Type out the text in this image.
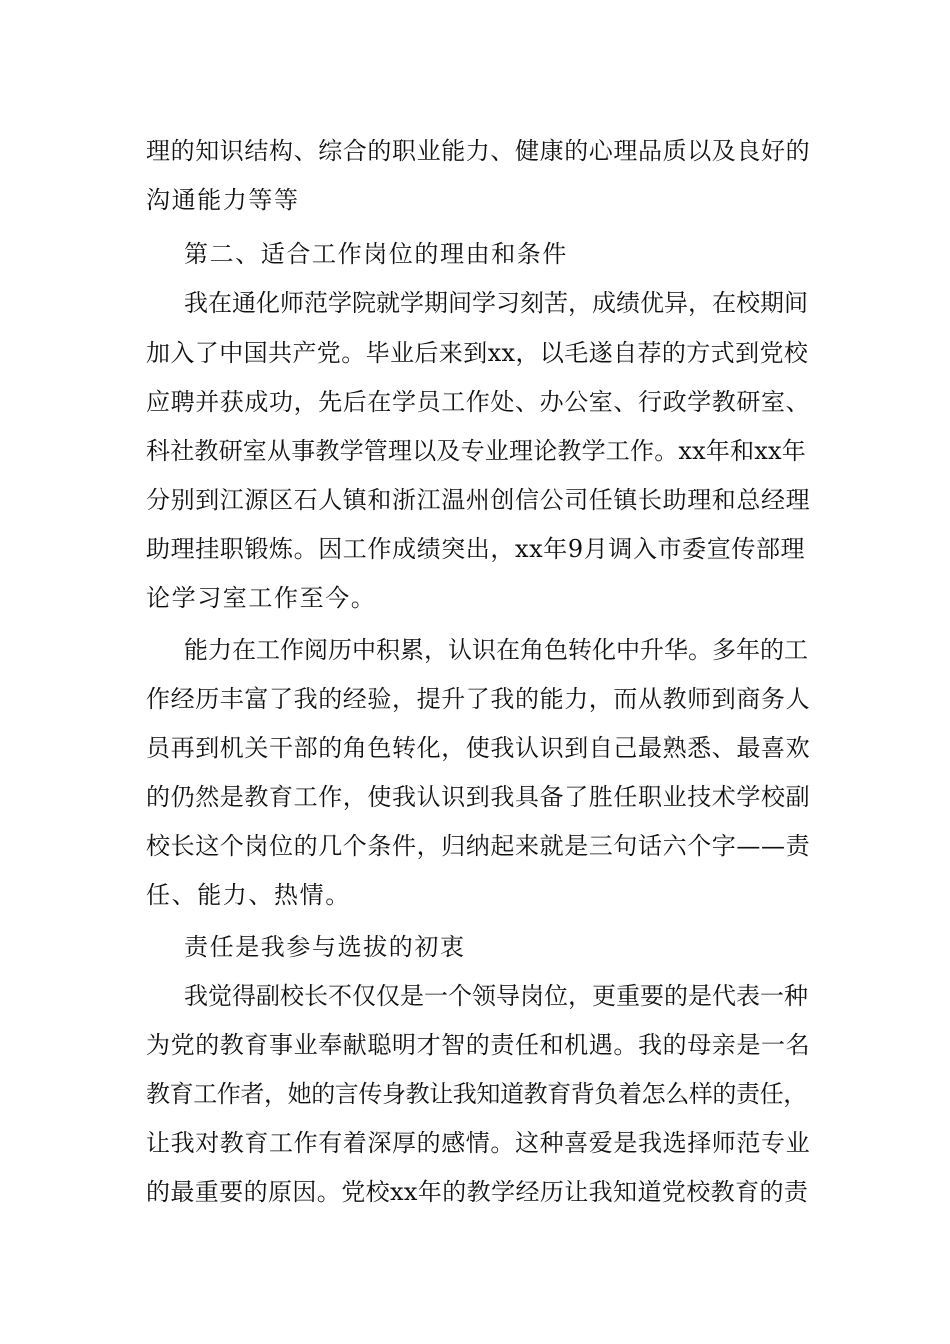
理的知识结构、综合的职业能力、健康的心理品质以及良好的
沟通能力等等
第二、适合工作岗位的理由和条件
我在通化师范学院就学期间学习刻苦，成绩优异，在校期间
加入了中国共产党。毕业后来到xx，以毛遂自荐的方式到党校
应聘并获成功，先后在学员工作处、办公室、行政学教研室、
科社教研室从事教学管理以及专业理论教学工作。xx年和xx年
分别到江源区石人镇和浙江温州创信公司任镇长助理和总经理
助理挂职锻炼。因工作成绩突出，xx年9月调入市委宣传部理
论学习室工作至今。
能力在工作阅历中积累，认识在角色转化中升华。多年的工
作经历丰富了我的经验，提升了我的能力，而从教师到商务人
员再到机关干部的角色转化，使我认识到自己最熟悉、最喜欢
的仍然是教育工作，使我认识到我具备了胜任职业技术学校副
校长这个岗位的几个条件，归纳起来就是三句话六个字——责
任、能力、热情。
责任是我参与选拔的初衷
我觉得副校长不仅仅是一个领导岗位，更重要的是代表一种
为党的教育事业奉献聪明才智的责任和机遇。我的母亲是一名
教育工作者，她的言传身教让我知道教育背负着怎么样的责任，
让我对教育工作有着深厚的感情。这种喜爱是我选择师范专业
的最重要的原因。党校xx年的教学经历让我知道党校教育的责
